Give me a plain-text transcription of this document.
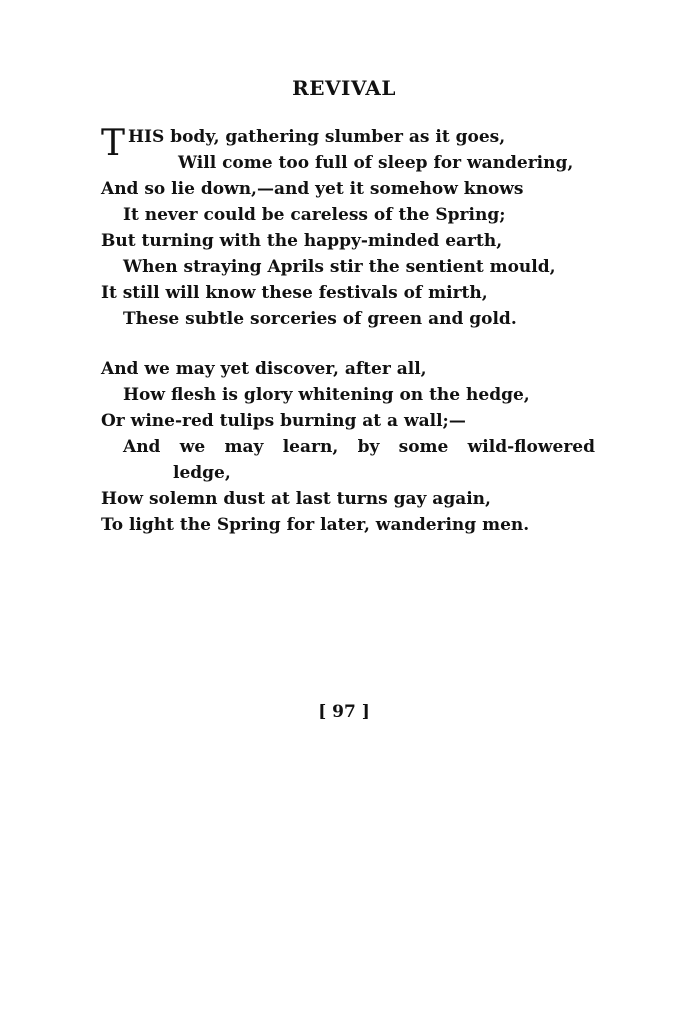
REVIVAL
T HIS body, gathering slumber as it goes,
Will come too full of sleep for wandering,
And so lie down,—and yet it somehow knows
It never could be careless of the Spring;
But turning with the happy-minded earth,
When straying Aprils stir the sentient mould,
It still will know these festivals of mirth,
These subtle sorceries of green and gold.
And we may yet discover, after all,
How flesh is glory whitening on the hedge,
Or wine-red tulips burning at a wall;—
And we may learn, by some wild-flowered
ledge,
How solemn dust at last turns gay again,
To light the Spring for later, wandering men.
[ 97 ]
